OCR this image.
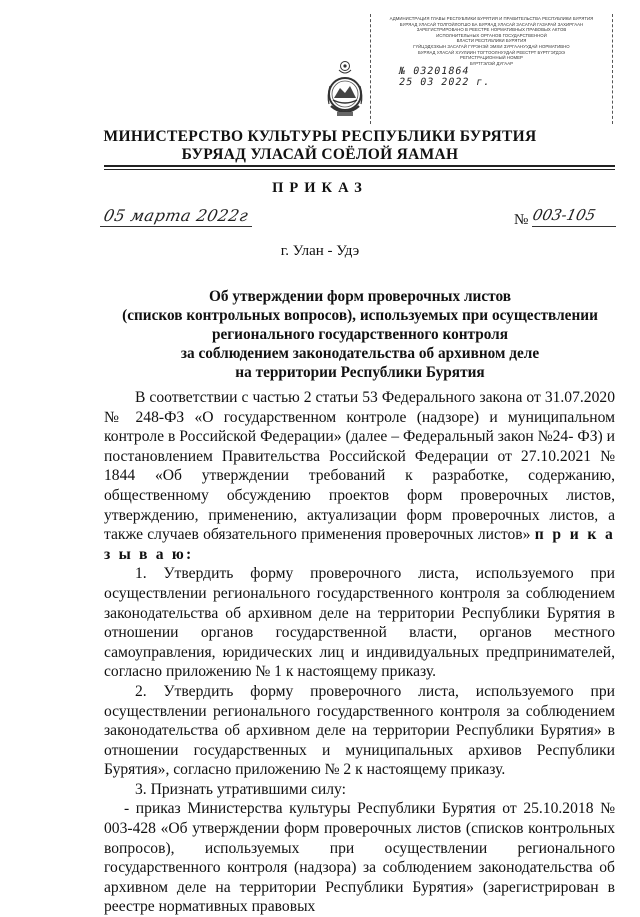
АДМИНИСТРАЦИЯ ГЛАВЫ РЕСПУБЛИКИ БУРЯТИЯ И ПРАВИТЕЛЬСТВА РЕСПУБЛИКИ БУРЯТИЯ
БУРЯАД УЛАСАЙ ТОЛГОЙЛОГШО БА БУРЯАД УЛАСАЙ ЗАСАГАЙ ГАЗАРАЙ ЗАХИРГААН
ЗАРЕГИСТРИРОВАНО В РЕЕСТРЕ НОРМАТИВНЫХ ПРАВОВЫХ АКТОВ
ИСПОЛНИТЕЛЬНЫХ ОРГАНОВ ГОСУДАРСТВЕННОЙ
ВЛАСТИ РЕСПУБЛИКИ БУРЯТИЯ
ГҮЙЦЭДХЭХЫН ЗАСАГАЙ ГҮРЭНЭЙ ЭМХИ ЗУРГААНУУДАЙ НОРМАТИВНО
БУРЯАД УЛАСАЙ ХУУЛИИН ТОГТООЛНУУДАЙ РЕЕСТРТ БҮРТГЭГДЭЭ
РЕГИСТРАЦИОННЫЙ НОМЕР
БҮРТГЭЛЭЙ ДУГААР
№ 03201864
25 03 2022 г.
МИНИСТЕРСТВО КУЛЬТУРЫ РЕСПУБЛИКИ БУРЯТИЯ
БУРЯАД УЛАСАЙ СОЁЛОЙ ЯАМАН
ПРИКАЗ
05 марта 2022г	№ 003-105
г. Улан - Удэ
Об утверждении форм проверочных листов
(списков контрольных вопросов), используемых при осуществлении
регионального государственного контроля
за соблюдением законодательства об архивном деле
на территории Республики Бурятия

В соответствии с частью 2 статьи 53 Федерального закона от 31.07.2020 № 248-ФЗ «О государственном контроле (надзоре) и муниципальном контроле в Российской Федерации» (далее – Федеральный закон №24- ФЗ) и постановлением Правительства Российской Федерации от 27.10.2021 № 1844 «Об утверждении требований к разработке, содержанию, общественному обсуждению проектов форм проверочных листов, утверждению, применению, актуализации форм проверочных листов, а также случаев обязательного применения проверочных листов» п р и к а з ы в а ю:

1. Утвердить форму проверочного листа, используемого при осуществлении регионального государственного контроля за соблюдением законодательства об архивном деле на территории Республики Бурятия в отношении органов государственной власти, органов местного самоуправления, юридических лиц и индивидуальных предпринимателей, согласно приложению № 1 к настоящему приказу.

2. Утвердить форму проверочного листа, используемого при осуществлении регионального государственного контроля за соблюдением законодательства об архивном деле на территории Республики Бурятия» в отношении государственных и муниципальных архивов Республики Бурятия», согласно приложению № 2 к настоящему приказу.

3. Признать утратившими силу:

- приказ Министерства культуры Республики Бурятия от 25.10.2018 № 003-428 «Об утверждении форм проверочных листов (списков контрольных вопросов), используемых при осуществлении регионального государственного контроля (надзора) за соблюдением законодательства об архивном деле на территории Республики Бурятия» (зарегистрирован в реестре нормативных правовых
